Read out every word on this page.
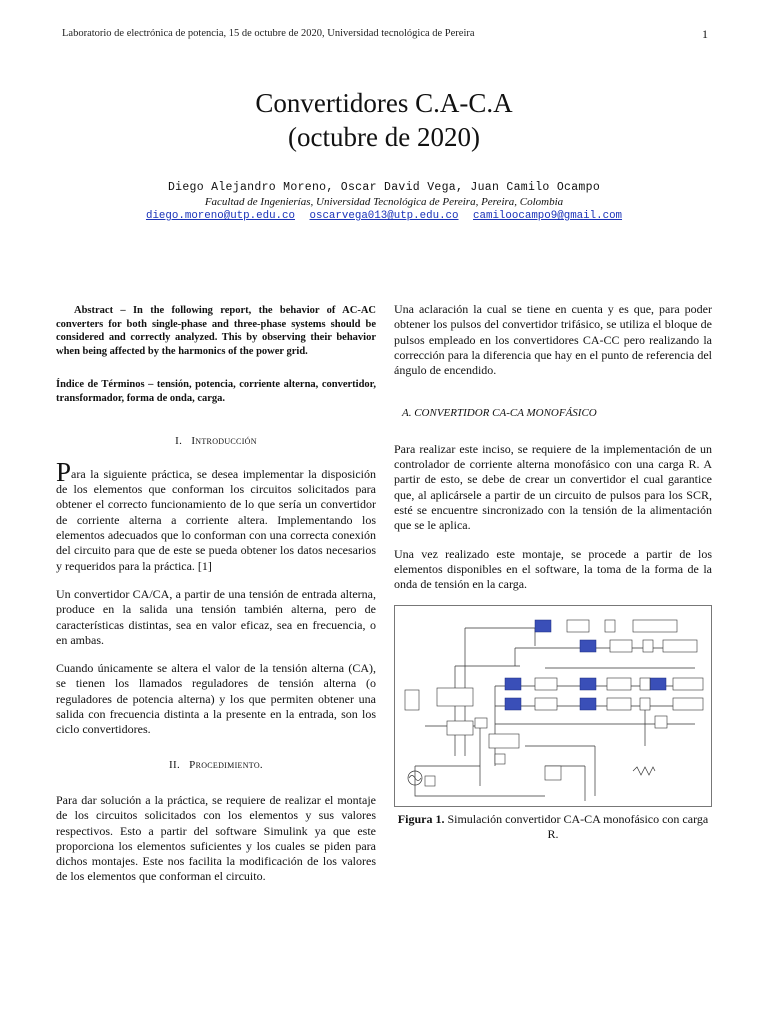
Laboratorio de electrónica de potencia, 15 de octubre de 2020, Universidad tecnológica de Pereira	1
Convertidores C.A-C.A
(octubre de 2020)
Diego Alejandro Moreno, Oscar David Vega, Juan Camilo Ocampo
Facultad de Ingenierías, Universidad Tecnológica de Pereira, Pereira, Colombia
diego.moreno@utp.edu.co oscarvega013@utp.edu.co camiloocampo9@gmail.com

Abstract – In the following report, the behavior of AC-AC converters for both single-phase and three-phase systems should be considered and correctly analyzed. This by observing their behavior when being affected by the harmonics of the power grid.

Índice de Términos – tensión, potencia, corriente alterna, convertidor, transformador, forma de onda, carga.

I. Introducción

Para la siguiente práctica, se desea implementar la disposición de los elementos que conforman los circuitos solicitados para obtener el correcto funcionamiento de lo que sería un convertidor de corriente alterna a corriente altera. Implementando los elementos adecuados que lo conforman con una correcta conexión del circuito para que de este se pueda obtener los datos necesarios y requeridos para la práctica. [1]

Un convertidor CA/CA, a partir de una tensión de entrada alterna, produce en la salida una tensión también alterna, pero de características distintas, sea en valor eficaz, sea en frecuencia, o en ambas.

Cuando únicamente se altera el valor de la tensión alterna (CA), se tienen los llamados reguladores de tensión alterna (o reguladores de potencia alterna) y los que permiten obtener una salida con frecuencia distinta a la presente en la entrada, son los ciclo convertidores.

II. Procedimiento.

Para dar solución a la práctica, se requiere de realizar el montaje de los circuitos solicitados con los elementos y sus valores respectivos. Esto a partir del software Simulink ya que este proporciona los elementos suficientes y los cuales se piden para dichos montajes. Este nos facilita la modificación de los valores de los elementos que conforman el circuito.

Una aclaración la cual se tiene en cuenta y es que, para poder obtener los pulsos del convertidor trifásico, se utiliza el bloque de pulsos empleado en los convertidores CA-CC pero realizando la corrección para la diferencia que hay en el punto de referencia del ángulo de encendido.

A. CONVERTIDOR CA-CA MONOFÁSICO

Para realizar este inciso, se requiere de la implementación de un controlador de corriente alterna monofásico con una carga R. A partir de esto, se debe de crear un convertidor el cual garantice que, al aplicársele a partir de un circuito de pulsos para los SCR, esté se encuentre sincronizado con la tensión de la alimentación que se le aplica.

Una vez realizado este montaje, se procede a partir de los elementos disponibles en el software, la toma de la forma de la onda de tensión en la carga.

Figura 1. Simulación convertidor CA-CA monofásico con carga R.
